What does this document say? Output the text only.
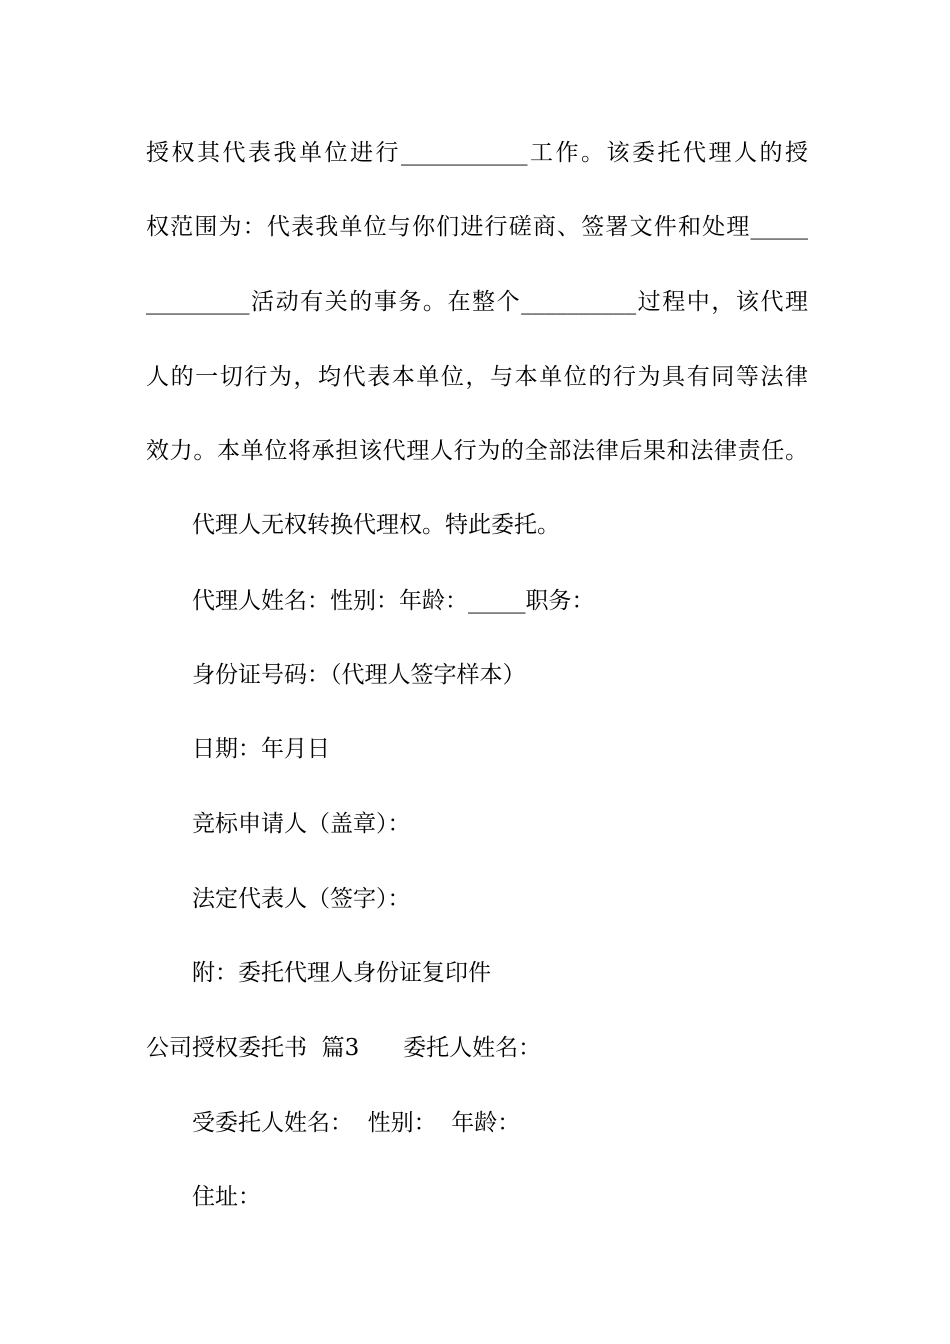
授权其代表我单位进行___________工作。该委托代理人的授
权范围为：代表我单位与你们进行磋商、签署文件和处理_____
_________活动有关的事务。在整个__________过程中，该代理
人的一切行为，均代表本单位，与本单位的行为具有同等法律
效力。本单位将承担该代理人行为的全部法律后果和法律责任。
代理人无权转换代理权。特此委托。
代理人姓名：性别：年龄：_____职务：
身份证号码：（代理人签字样本）
日期：年月日
竞标申请人（盖章）：
法定代表人（签字）：
附：委托代理人身份证复印件
公司授权委托书  篇3      委托人姓名：
受委托人姓名：  性别：  年龄：
住址：
